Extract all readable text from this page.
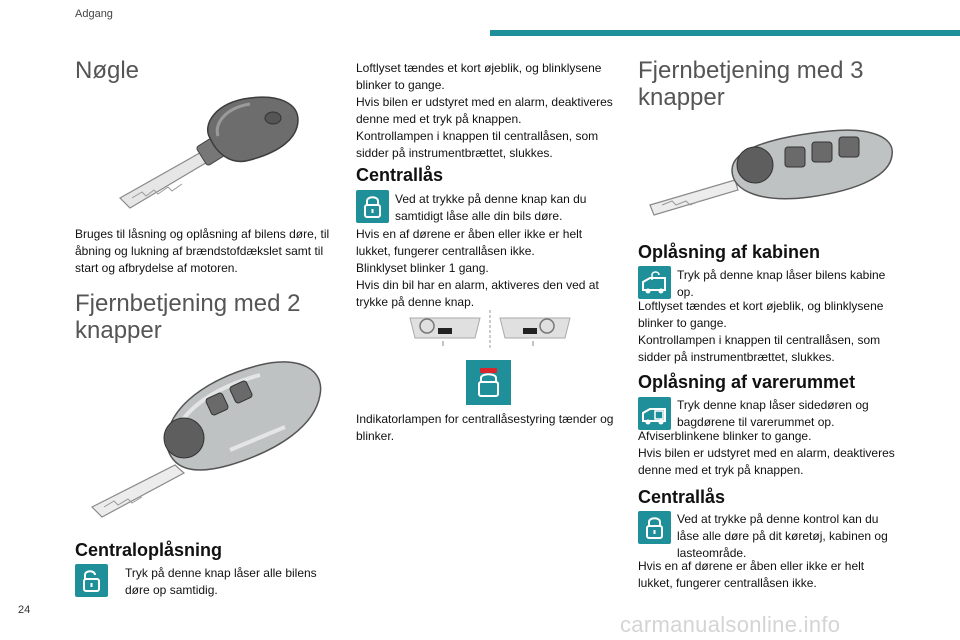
Adgang
24
carmanualsonline.info
Nøgle

Bruges til låsning og oplåsning af bilens døre, til åbning og lukning af brændstofdækslet samt til start og afbrydelse af motoren.

Fjernbetjening med 2 knapper
Centraloplåsning

Tryk på denne knap låser alle bilens døre op samtidig.

Loftlyset tændes et kort øjeblik, og blinklysene blinker to gange.
Hvis bilen er udstyret med en alarm, deaktiveres denne med et tryk på knappen.
Kontrollampen i knappen til centrallåsen, som sidder på instrumentbrættet, slukkes.

Centrallås

Ved at trykke på denne knap kan du samtidigt låse alle din bils døre.

Hvis en af dørene er åben eller ikke er helt lukket, fungerer centrallåsen ikke.
Blinklyset blinker 1 gang.
Hvis din bil har en alarm, aktiveres den ved at trykke på denne knap.

Indikatorlampen for centrallåsestyring tænder og blinker.

Fjernbetjening med 3 knapper
Oplåsning af kabinen

Tryk på denne knap låser bilens kabine op.

Loftlyset tændes et kort øjeblik, og blinklysene blinker to gange.
Kontrollampen i knappen til centrallåsen, som sidder på instrumentbrættet, slukkes.

Oplåsning af varerummet

Tryk denne knap låser sidedøren og bagdørene til varerummet op.

Afviserblinkene blinker to gange.
Hvis bilen er udstyret med en alarm, deaktiveres denne med et tryk på knappen.

Centrallås

Ved at trykke på denne kontrol kan du låse alle døre på dit køretøj, kabinen og lasteområde.

Hvis en af dørene er åben eller ikke er helt lukket, fungerer centrallåsen ikke.
